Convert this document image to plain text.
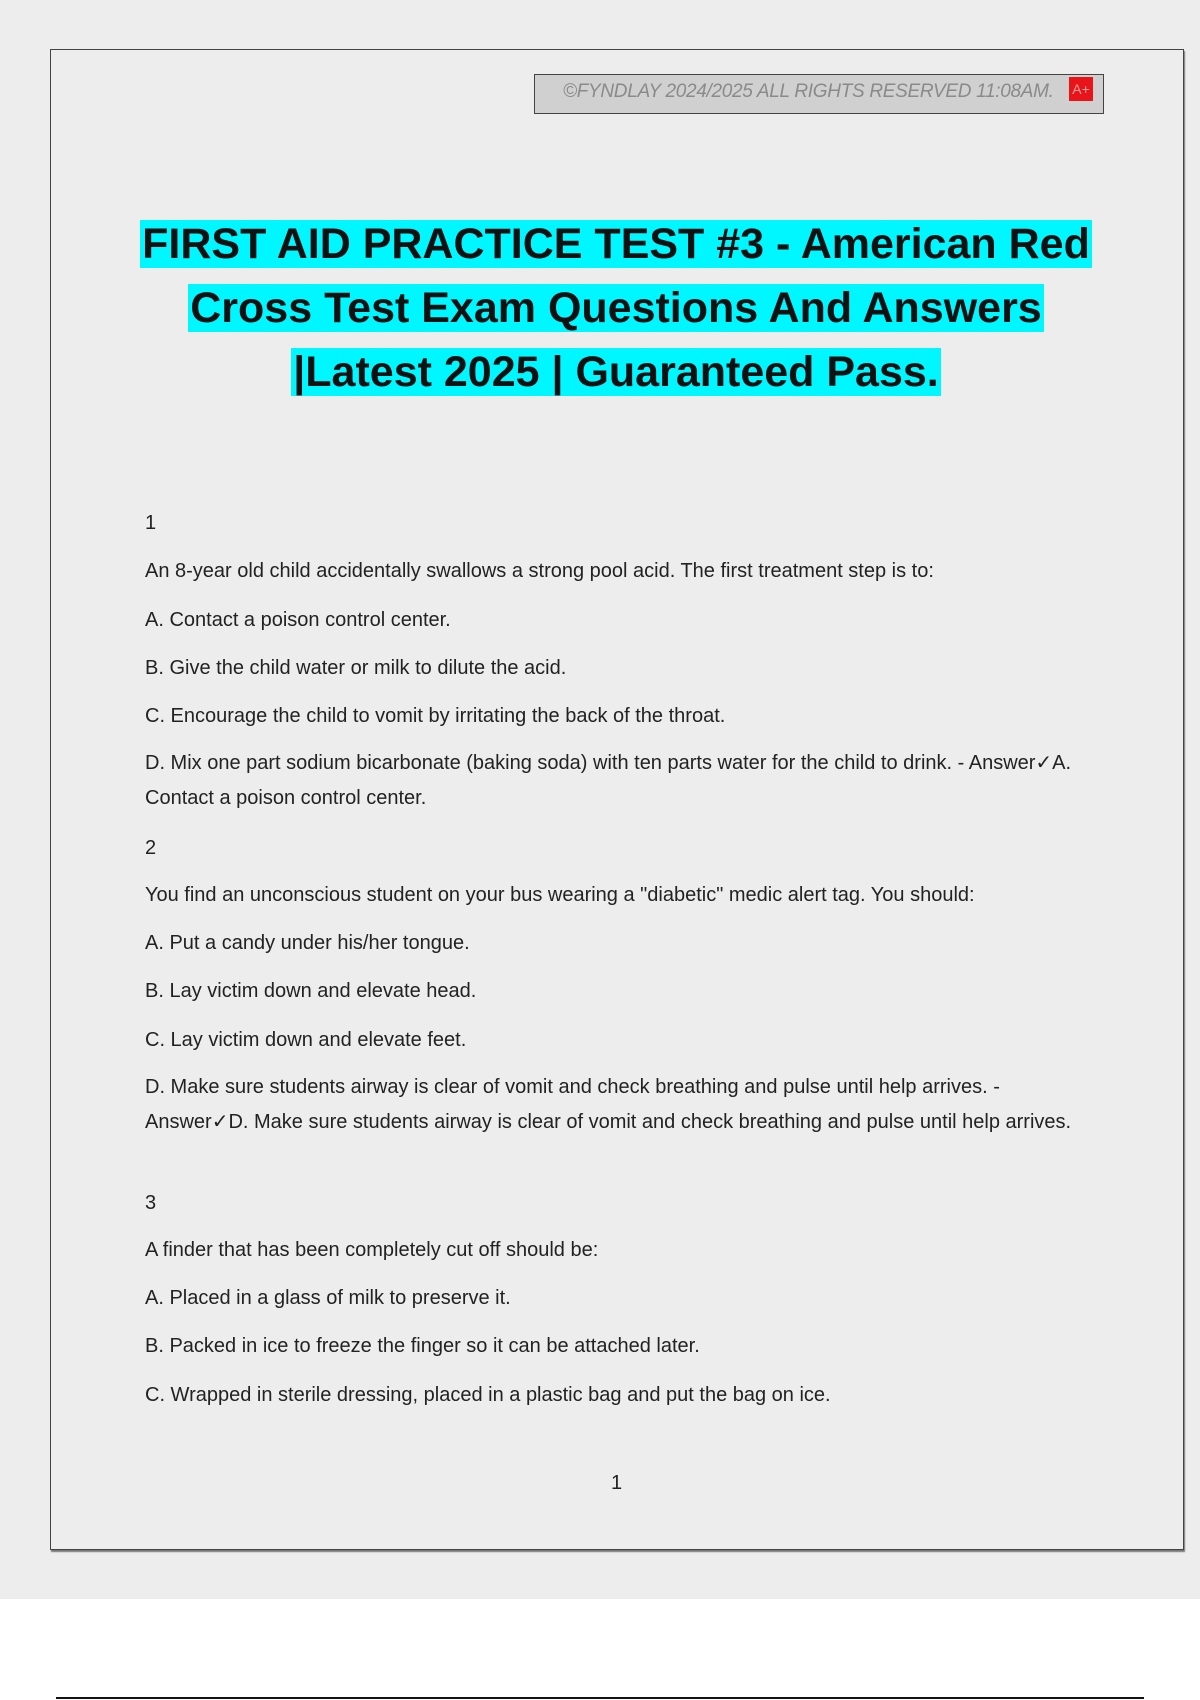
©FYNDLAY 2024/2025 ALL RIGHTS RESERVED 11:08AM. A+
FIRST AID PRACTICE TEST #3 - American Red
Cross Test Exam Questions And Answers
|Latest 2025 | Guaranteed Pass.
1
An 8-year old child accidentally swallows a strong pool acid. The first treatment step is to:
A. Contact a poison control center.
B. Give the child water or milk to dilute the acid.
C. Encourage the child to vomit by irritating the back of the throat.
D. Mix one part sodium bicarbonate (baking soda) with ten parts water for the child to drink. - Answer✓A. Contact a poison control center.
2
You find an unconscious student on your bus wearing a "diabetic" medic alert tag. You should:
A. Put a candy under his/her tongue.
B. Lay victim down and elevate head.
C. Lay victim down and elevate feet.
D. Make sure students airway is clear of vomit and check breathing and pulse until help arrives. - Answer✓D. Make sure students airway is clear of vomit and check breathing and pulse until help arrives.
3
A finder that has been completely cut off should be:
A. Placed in a glass of milk to preserve it.
B. Packed in ice to freeze the finger so it can be attached later.
C. Wrapped in sterile dressing, placed in a plastic bag and put the bag on ice.
1
